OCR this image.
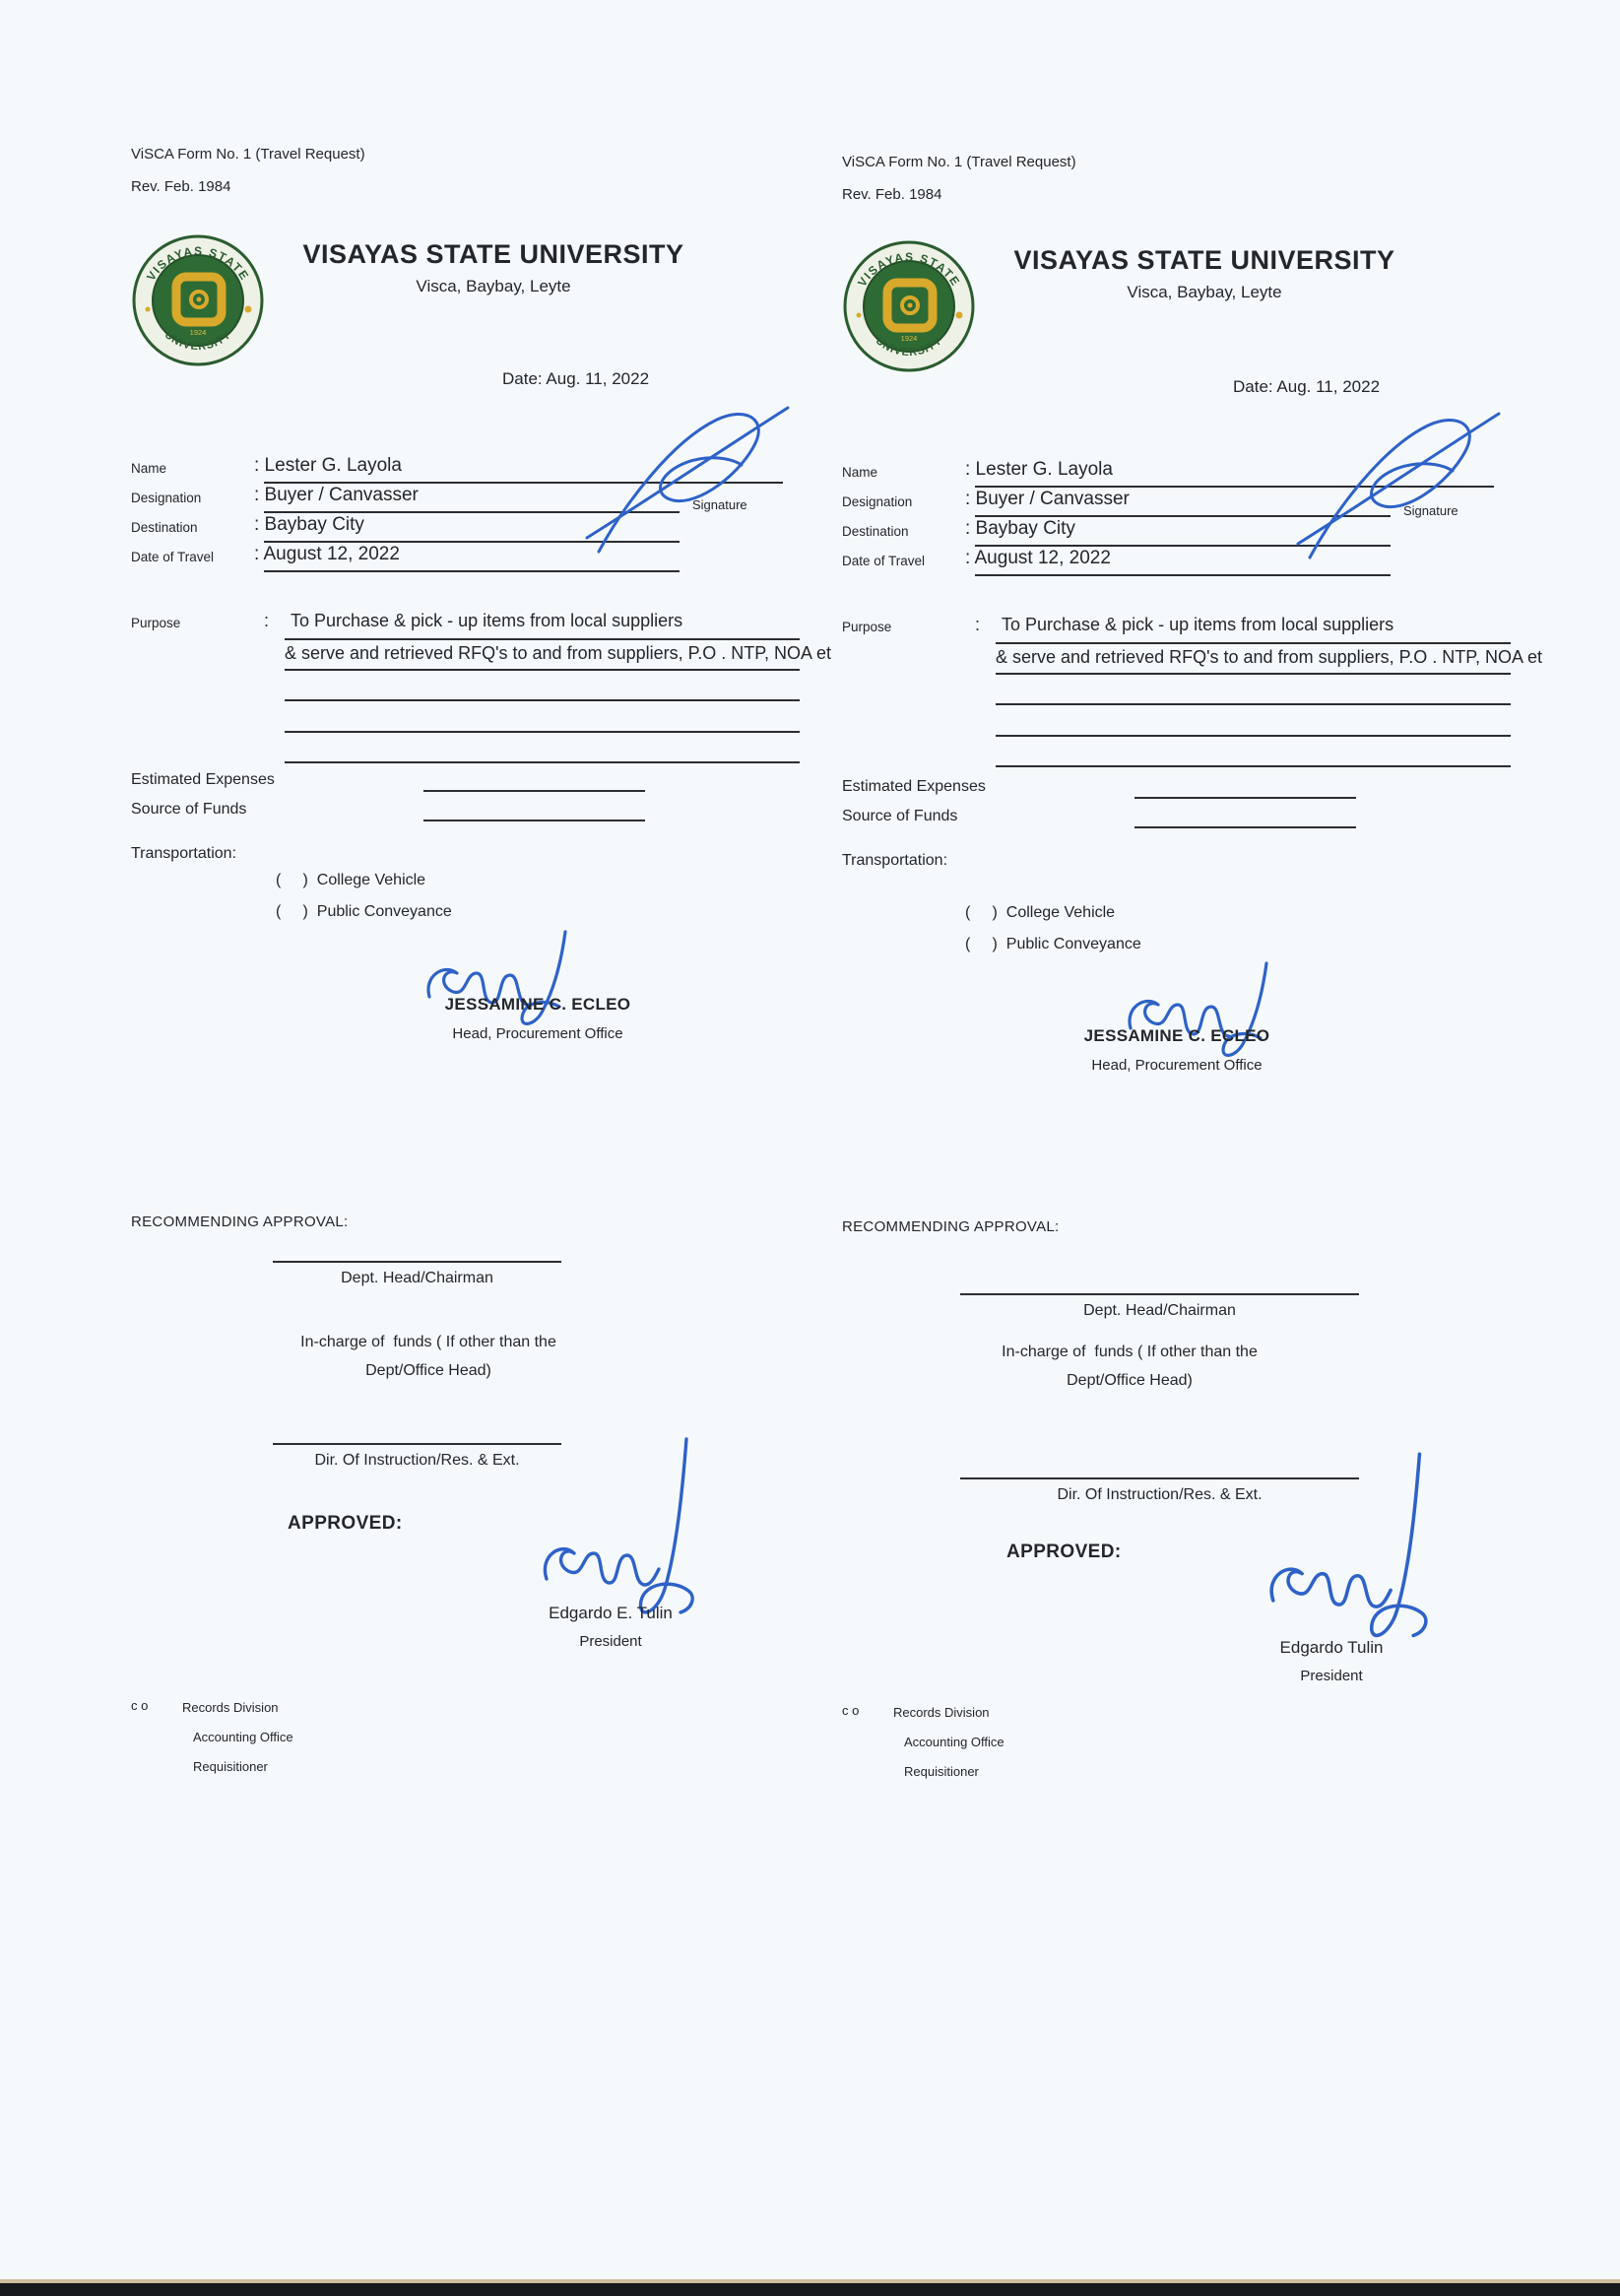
ViSCA Form No. 1 (Travel Request)
Rev. Feb. 1984
VISAYAS STATE
UNIVERSITY
1924
VISAYAS STATE UNIVERSITY
Visca, Baybay, Leyte
Date: Aug. 11, 2022
Name	: Lester G. Layola
Designation	: Buyer / Canvasser
Destination	: Baybay City
Date of Travel : August 12, 2022
Signature
Purpose	: To Purchase & pick - up items from local suppliers
& serve and retrieved RFQ's to and from suppliers, P.O . NTP, NOA et
Estimated Expenses
Source of Funds
Transportation:
(     )  College Vehicle
(     )  Public Conveyance
JESSAMINE C. ECLEO
Head, Procurement Office
RECOMMENDING APPROVAL:
Dept. Head/Chairman
In-charge of  funds ( If other than the
Dept/Office Head)
Dir. Of Instruction/Res. & Ext.
APPROVED:
Edgardo E. Tulin
President
c o	Records Division
Accounting Office
Requisitioner
ViSCA Form No. 1 (Travel Request)
Rev. Feb. 1984
VISAYAS STATE
UNIVERSITY
1924
VISAYAS STATE UNIVERSITY
Visca, Baybay, Leyte
Date: Aug. 11, 2022
Name	: Lester G. Layola
Designation	: Buyer / Canvasser
Destination	: Baybay City
Date of Travel : August 12, 2022
Signature
Purpose	: To Purchase & pick - up items from local suppliers
& serve and retrieved RFQ's to and from suppliers, P.O . NTP, NOA et
Estimated Expenses
Source of Funds
Transportation:
(     )  College Vehicle
(     )  Public Conveyance
JESSAMINE C. ECLEO
Head, Procurement Office
RECOMMENDING APPROVAL:
Dept. Head/Chairman
In-charge of  funds ( If other than the
Dept/Office Head)
Dir. Of Instruction/Res. & Ext.
APPROVED:
Edgardo Tulin
President
c o	Records Division
Accounting Office
Requisitioner
